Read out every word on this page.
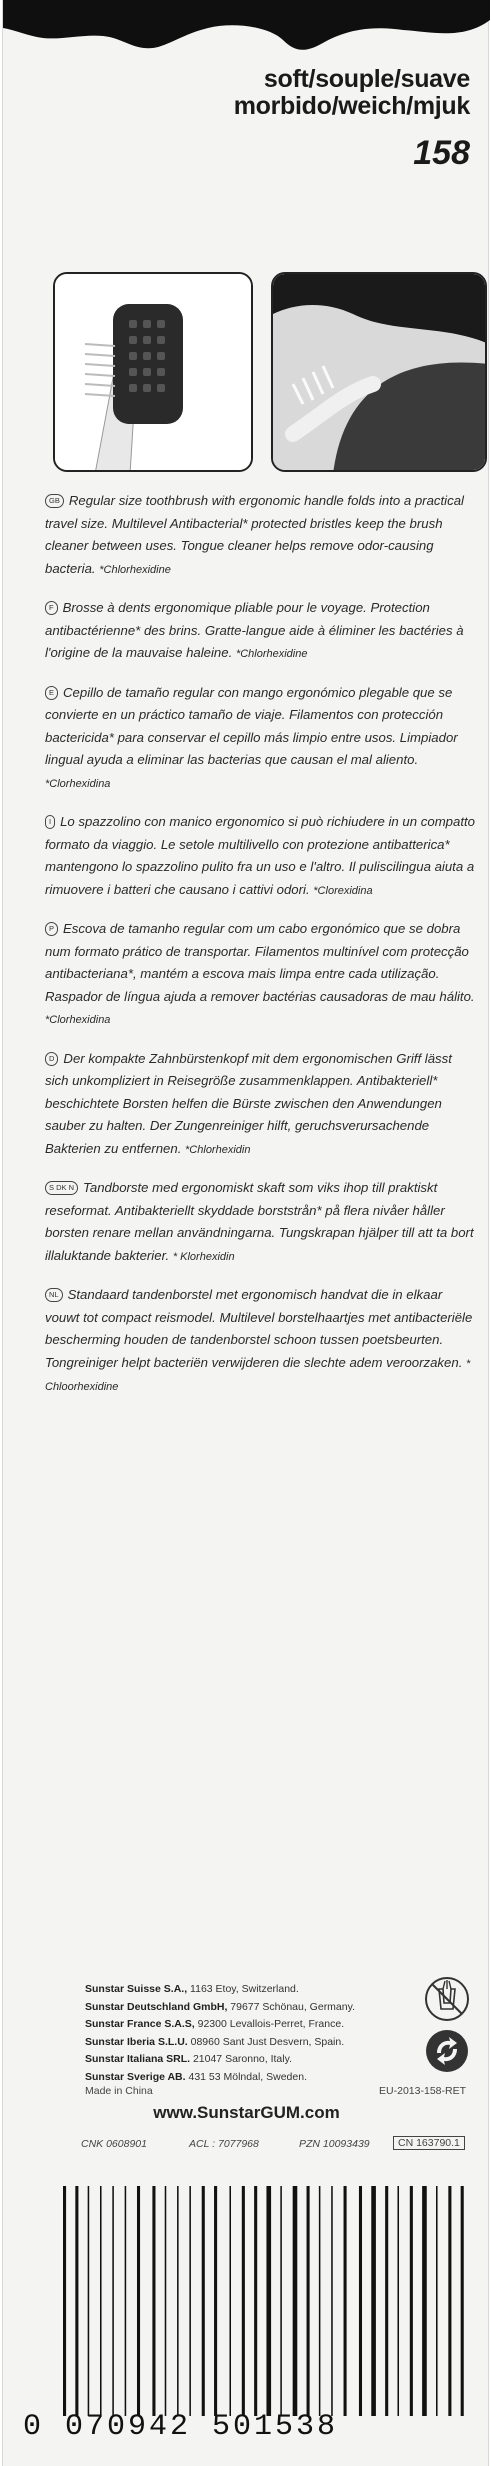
soft/souple/suave
morbido/weich/mjuk
158

GB Regular size toothbrush with ergonomic handle folds into a practical travel size. Multilevel Antibacterial* protected bristles keep the brush cleaner between uses. Tongue cleaner helps remove odor-causing bacteria. *Chlorhexidine

F Brosse à dents ergonomique pliable pour le voyage. Protection antibactérienne* des brins. Gratte-langue aide à éliminer les bactéries à l'origine de la mauvaise haleine. *Chlorhexidine

E Cepillo de tamaño regular con mango ergonómico plegable que se convierte en un práctico tamaño de viaje. Filamentos con protección bactericida* para conservar el cepillo más limpio entre usos. Limpiador lingual ayuda a eliminar las bacterias que causan el mal aliento. *Clorhexidina

I Lo spazzolino con manico ergonomico si può richiudere in un compatto formato da viaggio. Le setole multilivello con protezione antibatterica* mantengono lo spazzolino pulito fra un uso e l'altro. Il puliscilingua aiuta a rimuovere i batteri che causano i cattivi odori. *Clorexidina

P Escova de tamanho regular com um cabo ergonómico que se dobra num formato prático de transportar. Filamentos multinível com protecção antibacteriana*, mantém a escova mais limpa entre cada utilização. Raspador de língua ajuda a remover bactérias causadoras de mau hálito. *Clorhexidina

D Der kompakte Zahnbürstenkopf mit dem ergonomischen Griff lässt sich unkompliziert in Reisegröße zusammenklappen. Antibakteriell* beschichtete Borsten helfen die Bürste zwischen den Anwendungen sauber zu halten. Der Zungenreiniger hilft, geruchsverursachende Bakterien zu entfernen. *Chlorhexidin

S DK N Tandborste med ergonomiskt skaft som viks ihop till praktiskt reseformat. Antibakteriellt skyddade borststrån* på flera nivåer håller borsten renare mellan användningarna. Tungskrapan hjälper till att ta bort illaluktande bakterier. * Klorhexidin

NL Standaard tandenborstel met ergonomisch handvat die in elkaar vouwt tot compact reismodel. Multilevel borstelhaartjes met antibacteriële bescherming houden de tandenborstel schoon tussen poetsbeurten. Tongreiniger helpt bacteriën verwijderen die slechte adem veroorzaken. * Chloorhexidine

Sunstar Suisse S.A., 1163 Etoy, Switzerland.
Sunstar Deutschland GmbH, 79677 Schönau, Germany.
Sunstar France S.A.S, 92300 Levallois-Perret, France.
Sunstar Iberia S.L.U. 08960 Sant Just Desvern, Spain.
Sunstar Italiana SRL. 21047 Saronno, Italy.
Sunstar Sverige AB. 431 53 Mölndal, Sweden.
Made in China	EU-2013-158-RET
www.SunstarGUM.com
CNK 0608901	ACL : 7077968	PZN 10093439	CN 163790.1
0 070942 501538
